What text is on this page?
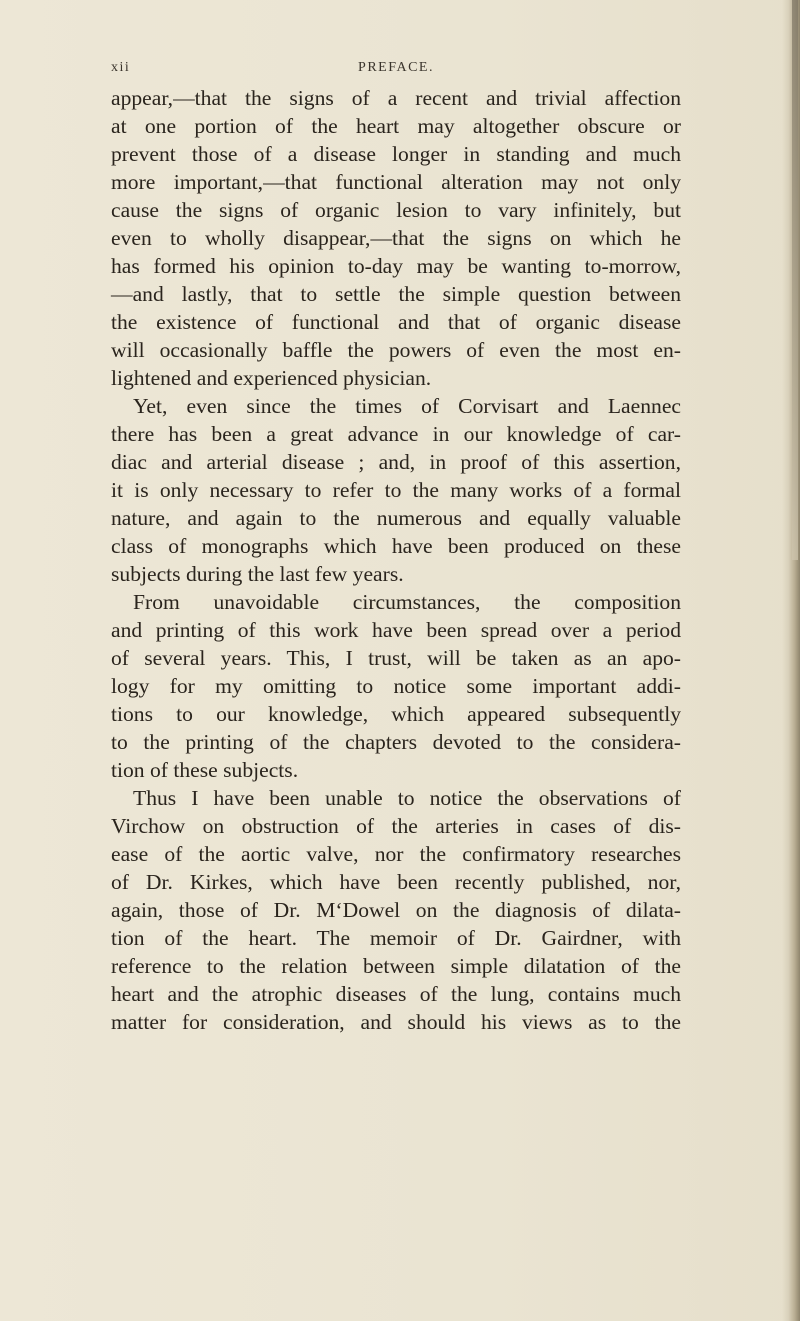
xii	PREFACE.

appear,—that the signs of a recent and trivial affection
at one portion of the heart may altogether obscure or
prevent those of a disease longer in standing and much
more important,—that functional alteration may not only
cause the signs of organic lesion to vary infinitely, but
even to wholly disappear,—that the signs on which he
has formed his opinion to-day may be wanting to-morrow,
—and lastly, that to settle the simple question between
the existence of functional and that of organic disease
will occasionally baffle the powers of even the most en-
lightened and experienced physician.

Yet, even since the times of Corvisart and Laennec
there has been a great advance in our knowledge of car-
diac and arterial disease ; and, in proof of this assertion,
it is only necessary to refer to the many works of a formal
nature, and again to the numerous and equally valuable
class of monographs which have been produced on these
subjects during the last few years.

From unavoidable circumstances, the composition
and printing of this work have been spread over a period
of several years. This, I trust, will be taken as an apo-
logy for my omitting to notice some important addi-
tions to our knowledge, which appeared subsequently
to the printing of the chapters devoted to the considera-
tion of these subjects.

Thus I have been unable to notice the observations of
Virchow on obstruction of the arteries in cases of dis-
ease of the aortic valve, nor the confirmatory researches
of Dr. Kirkes, which have been recently published, nor,
again, those of Dr. M‘Dowel on the diagnosis of dilata-
tion of the heart. The memoir of Dr. Gairdner, with
reference to the relation between simple dilatation of the
heart and the atrophic diseases of the lung, contains much
matter for consideration, and should his views as to the
